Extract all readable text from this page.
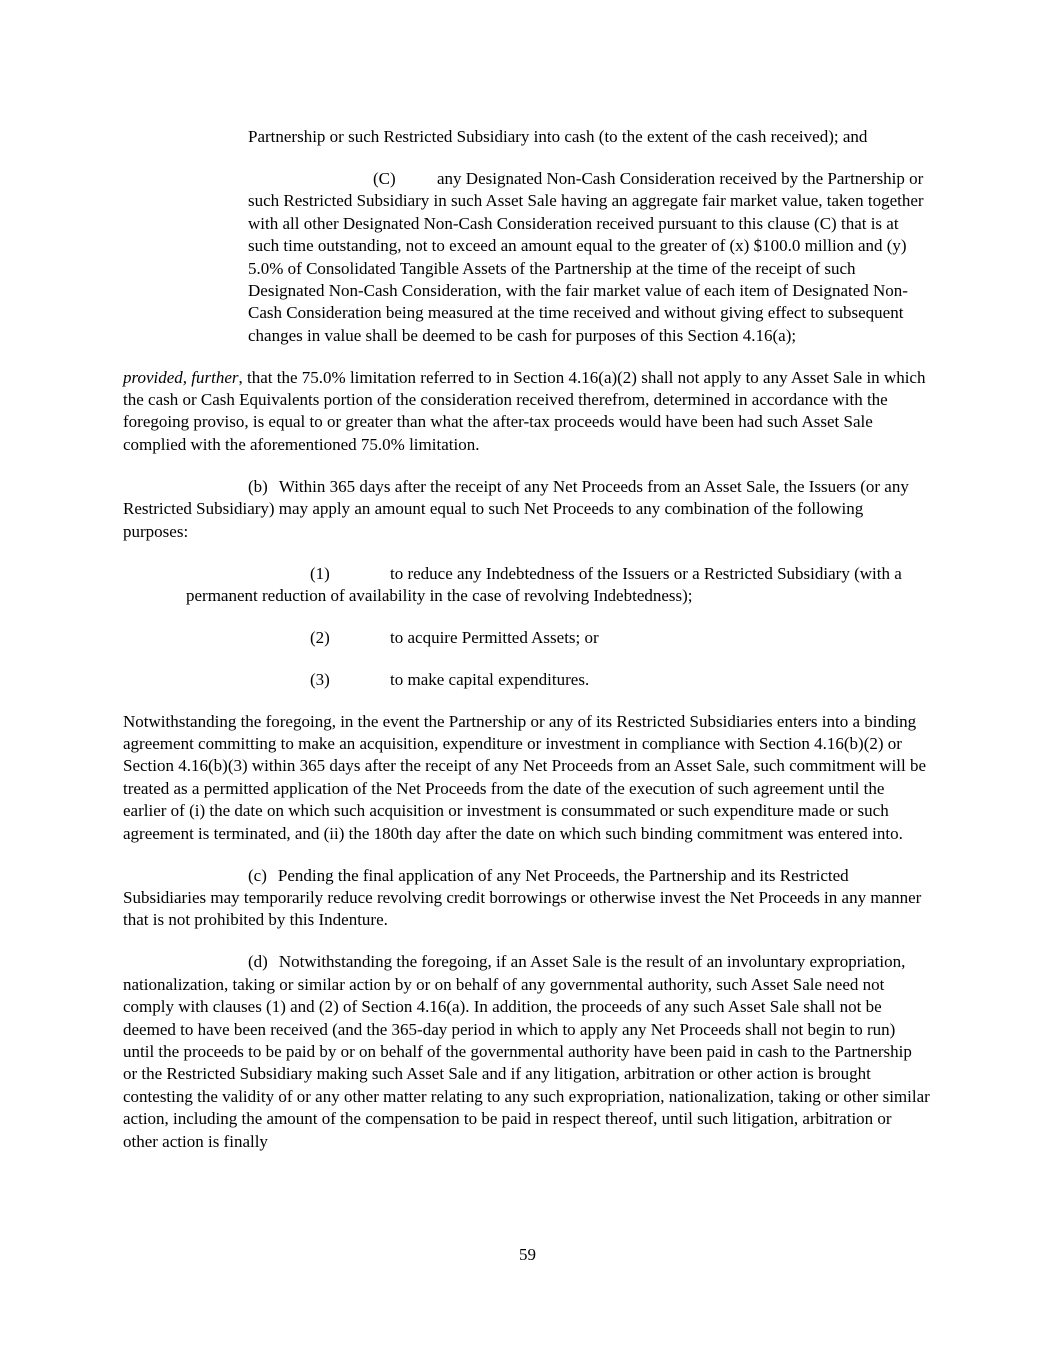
Partnership or such Restricted Subsidiary into cash (to the extent of the cash received); and

(C) any Designated Non-Cash Consideration received by the Partnership or such Restricted Subsidiary in such Asset Sale having an aggregate fair market value, taken together with all other Designated Non-Cash Consideration received pursuant to this clause (C) that is at such time outstanding, not to exceed an amount equal to the greater of (x) $100.0 million and (y) 5.0% of Consolidated Tangible Assets of the Partnership at the time of the receipt of such Designated Non-Cash Consideration, with the fair market value of each item of Designated Non-Cash Consideration being measured at the time received and without giving effect to subsequent changes in value shall be deemed to be cash for purposes of this Section 4.16(a);

provided, further, that the 75.0% limitation referred to in Section 4.16(a)(2) shall not apply to any Asset Sale in which the cash or Cash Equivalents portion of the consideration received therefrom, determined in accordance with the foregoing proviso, is equal to or greater than what the after-tax proceeds would have been had such Asset Sale complied with the aforementioned 75.0% limitation.

(b) Within 365 days after the receipt of any Net Proceeds from an Asset Sale, the Issuers (or any Restricted Subsidiary) may apply an amount equal to such Net Proceeds to any combination of the following purposes:

(1)	to reduce any Indebtedness of the Issuers or a Restricted Subsidiary (with a permanent reduction of availability in the case of revolving Indebtedness);

(2)	to acquire Permitted Assets; or

(3)	to make capital expenditures.

Notwithstanding the foregoing, in the event the Partnership or any of its Restricted Subsidiaries enters into a binding agreement committing to make an acquisition, expenditure or investment in compliance with Section 4.16(b)(2) or Section 4.16(b)(3) within 365 days after the receipt of any Net Proceeds from an Asset Sale, such commitment will be treated as a permitted application of the Net Proceeds from the date of the execution of such agreement until the earlier of (i) the date on which such acquisition or investment is consummated or such expenditure made or such agreement is terminated, and (ii) the 180th day after the date on which such binding commitment was entered into.

(c) Pending the final application of any Net Proceeds, the Partnership and its Restricted Subsidiaries may temporarily reduce revolving credit borrowings or otherwise invest the Net Proceeds in any manner that is not prohibited by this Indenture.

(d) Notwithstanding the foregoing, if an Asset Sale is the result of an involuntary expropriation, nationalization, taking or similar action by or on behalf of any governmental authority, such Asset Sale need not comply with clauses (1) and (2) of Section 4.16(a). In addition, the proceeds of any such Asset Sale shall not be deemed to have been received (and the 365-day period in which to apply any Net Proceeds shall not begin to run) until the proceeds to be paid by or on behalf of the governmental authority have been paid in cash to the Partnership or the Restricted Subsidiary making such Asset Sale and if any litigation, arbitration or other action is brought contesting the validity of or any other matter relating to any such expropriation, nationalization, taking or other similar action, including the amount of the compensation to be paid in respect thereof, until such litigation, arbitration or other action is finally

59
